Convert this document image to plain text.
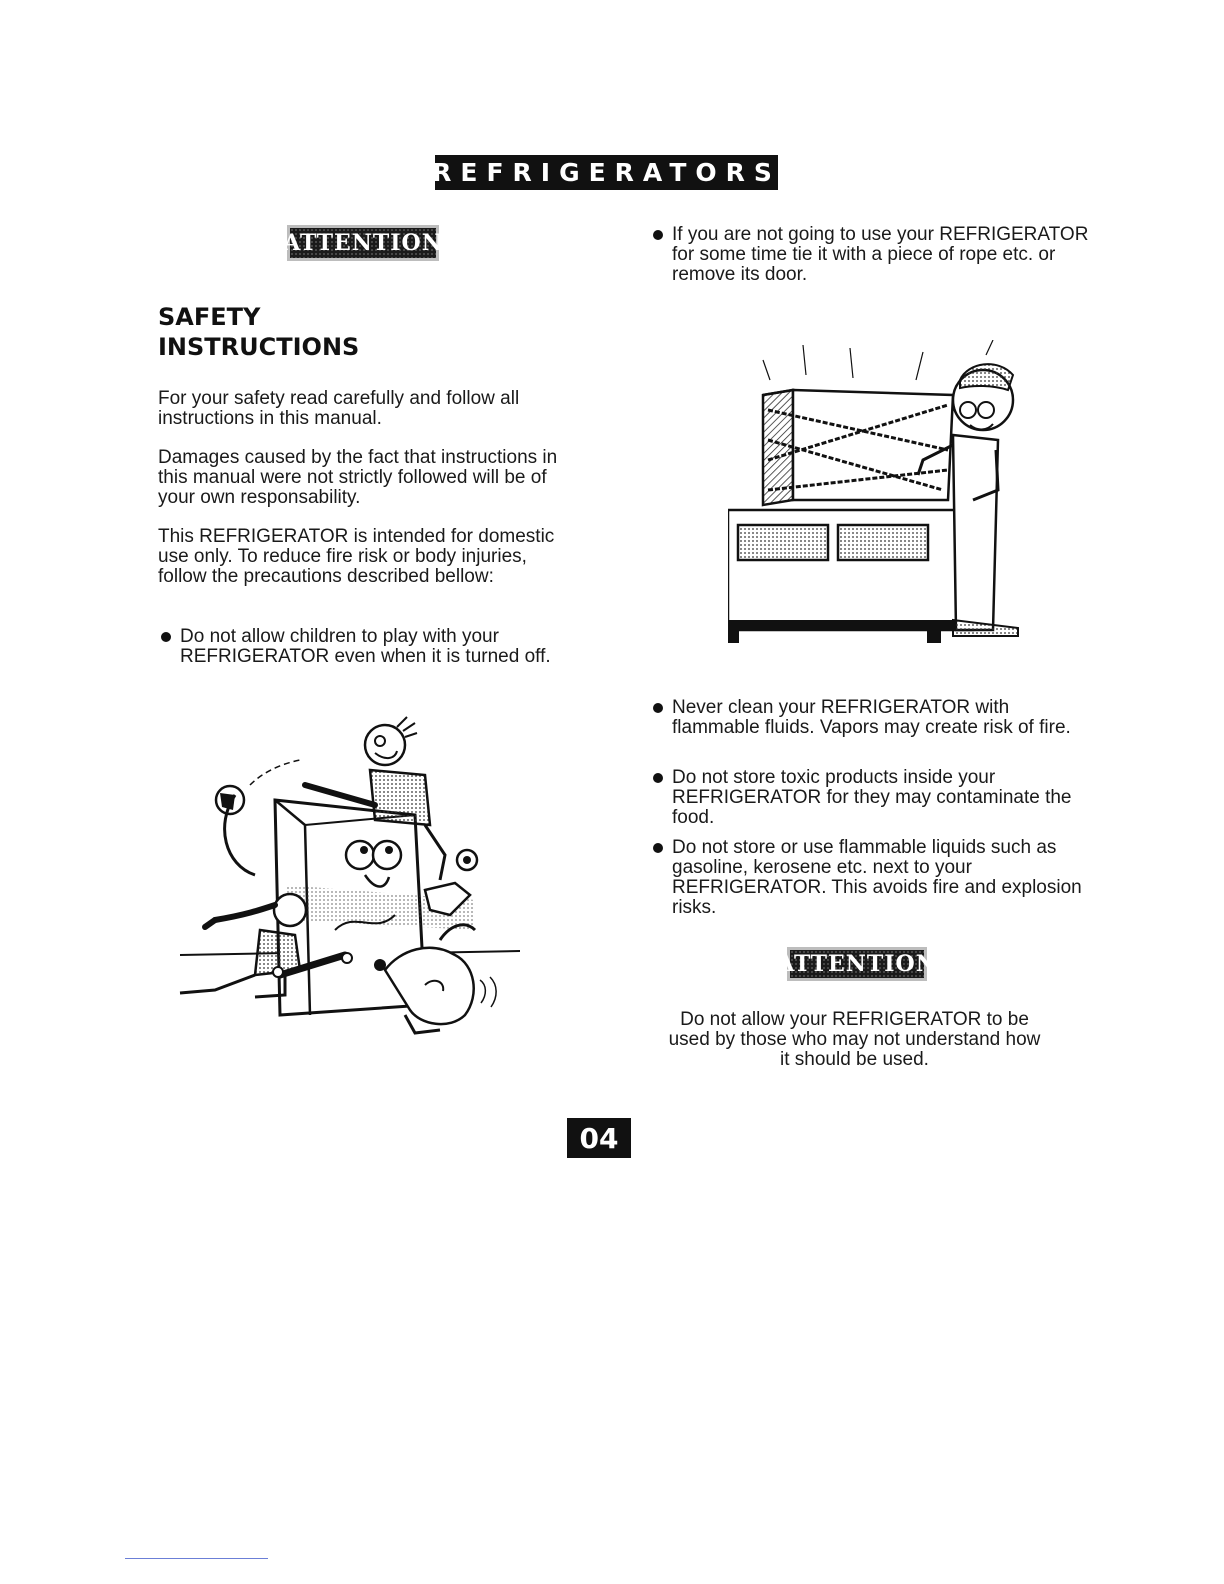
REFRIGERATORS
ATTENTION
SAFETY
INSTRUCTIONS

For your safety read carefully and follow all instructions in this manual.

Damages caused by the fact that instructions in this manual were not strictly followed will be of your own responsability.

This REFRIGERATOR is intended for domestic use only. To reduce fire risk or body injuries, follow the precautions described bellow:

Do not allow children to play with your REFRIGERATOR even when it is turned off.

If you are not going to use your REFRIGERATOR for some time tie it with a piece of rope etc. or remove its door.

Never clean your REFRIGERATOR with flammable fluids. Vapors may create risk of fire.

Do not store toxic products inside your REFRIGERATOR for they may contaminate the food.

Do not store or use flammable liquids such as gasoline, kerosene etc. next to your REFRIGERATOR. This avoids fire and explosion risks.

ATTENTION

Do not allow your REFRIGERATOR to be used by those who may not understand how it should be used.

04
